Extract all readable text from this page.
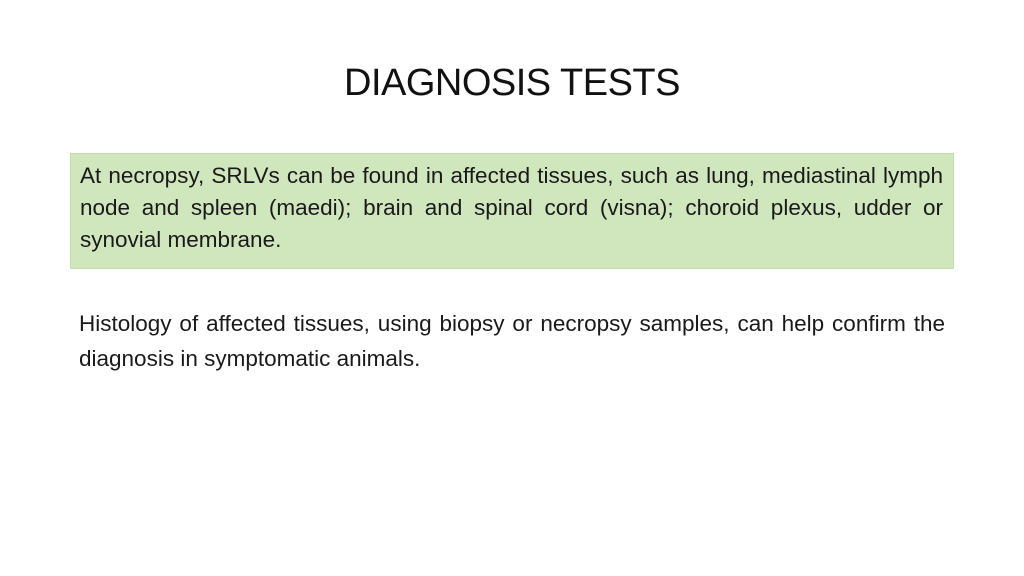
DIAGNOSIS TESTS

At necropsy, SRLVs can be found in affected tissues, such as lung, mediastinal lymph node and spleen (maedi); brain and spinal cord (visna); choroid plexus, udder or synovial membrane.

Histology of affected tissues, using biopsy or necropsy samples, can help confirm the diagnosis in symptomatic animals.
